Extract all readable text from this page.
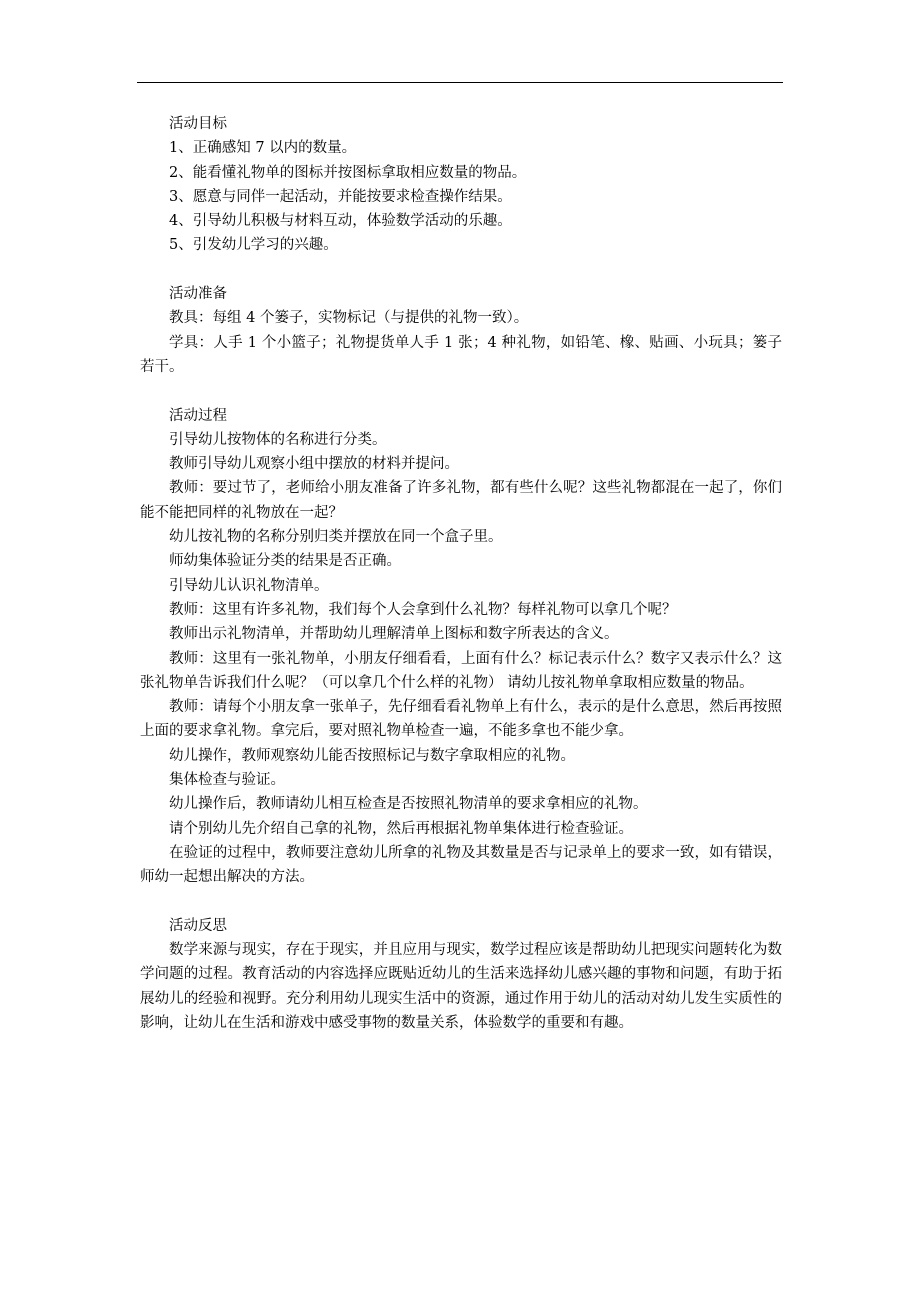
活动目标

1、正确感知 7 以内的数量。

2、能看懂礼物单的图标并按图标拿取相应数量的物品。

3、愿意与同伴一起活动，并能按要求检查操作结果。

4、引导幼儿积极与材料互动，体验数学活动的乐趣。

5、引发幼儿学习的兴趣。

活动准备

教具：每组 4 个篓子，实物标记（与提供的礼物一致）。

学具：人手 1 个小篮子；礼物提货单人手 1 张；4 种礼物，如铅笔、橡、贴画、小玩具；篓子若干。

活动过程

引导幼儿按物体的名称进行分类。

教师引导幼儿观察小组中摆放的材料并提问。

教师：要过节了，老师给小朋友准备了许多礼物，都有些什么呢？这些礼物都混在一起了，你们能不能把同样的礼物放在一起？

幼儿按礼物的名称分别归类并摆放在同一个盒子里。

师幼集体验证分类的结果是否正确。

引导幼儿认识礼物清单。

教师：这里有许多礼物，我们每个人会拿到什么礼物？每样礼物可以拿几个呢？

教师出示礼物清单，并帮助幼儿理解清单上图标和数字所表达的含义。

教师：这里有一张礼物单，小朋友仔细看看，上面有什么？标记表示什么？数字又表示什么？这张礼物单告诉我们什么呢？（可以拿几个什么样的礼物） 请幼儿按礼物单拿取相应数量的物品。

教师：请每个小朋友拿一张单子，先仔细看看礼物单上有什么，表示的是什么意思，然后再按照上面的要求拿礼物。拿完后，要对照礼物单检查一遍，不能多拿也不能少拿。

幼儿操作，教师观察幼儿能否按照标记与数字拿取相应的礼物。

集体检查与验证。

幼儿操作后，教师请幼儿相互检查是否按照礼物清单的要求拿相应的礼物。

请个别幼儿先介绍自己拿的礼物，然后再根据礼物单集体进行检查验证。

在验证的过程中，教师要注意幼儿所拿的礼物及其数量是否与记录单上的要求一致，如有错误，师幼一起想出解决的方法。

活动反思

数学来源与现实，存在于现实，并且应用与现实，数学过程应该是帮助幼儿把现实问题转化为数学问题的过程。教育活动的内容选择应既贴近幼儿的生活来选择幼儿感兴趣的事物和问题，有助于拓展幼儿的经验和视野。充分利用幼儿现实生活中的资源，通过作用于幼儿的活动对幼儿发生实质性的影响，让幼儿在生活和游戏中感受事物的数量关系，体验数学的重要和有趣。
